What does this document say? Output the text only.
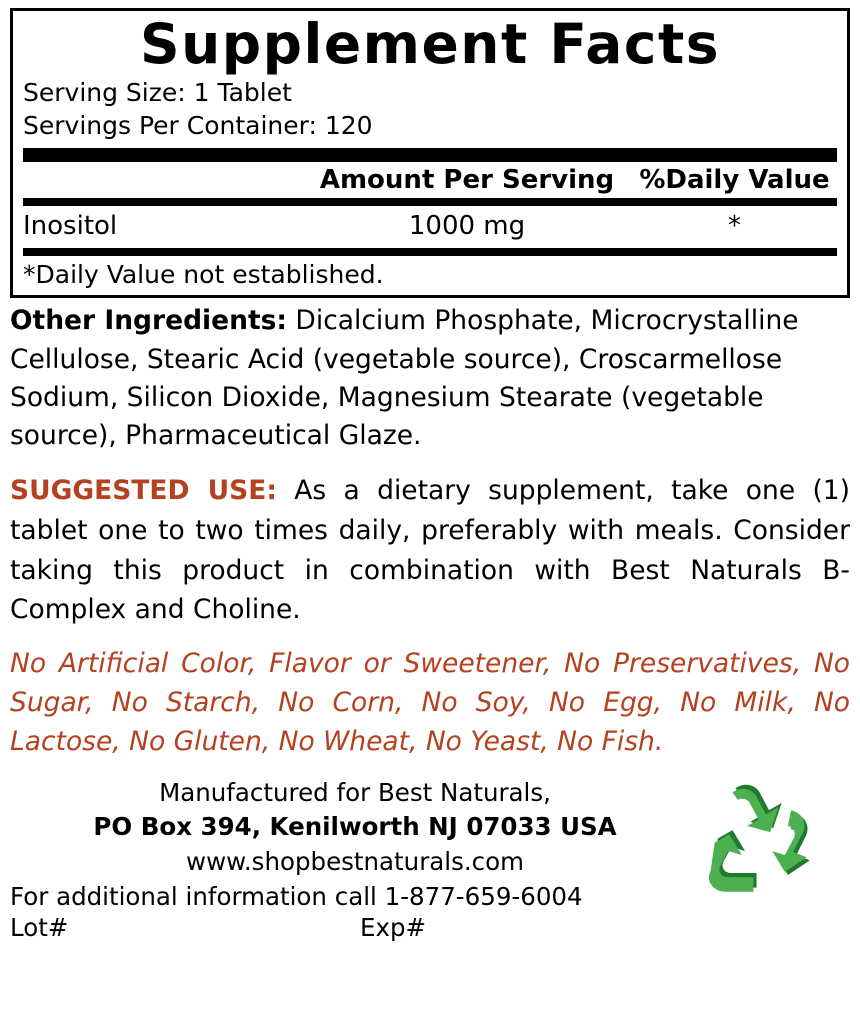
Supplement Facts
Serving Size: 1 Tablet
Servings Per Container: 120
Amount Per Serving %Daily Value
Inositol	1000 mg	*
*Daily Value not established.

Other Ingredients: Dicalcium Phosphate, Microcrystalline Cellulose, Stearic Acid (vegetable source), Croscarmellose Sodium, Silicon Dioxide, Magnesium Stearate (vegetable source), Pharmaceutical Glaze.

SUGGESTED USE: As a dietary supplement, take one (1) tablet one to two times daily, preferably with meals. Consider taking this product in combination with Best Naturals B-Complex and Choline.

No Artificial Color, Flavor or Sweetener, No Preservatives, No Sugar, No Starch, No Corn, No Soy, No Egg, No Milk, No Lactose, No Gluten, No Wheat, No Yeast, No Fish.

Manufactured for Best Naturals,
PO Box 394, Kenilworth NJ 07033 USA
www.shopbestnaturals.com
For additional information call 1-877-659-6004
Lot#	Exp#
